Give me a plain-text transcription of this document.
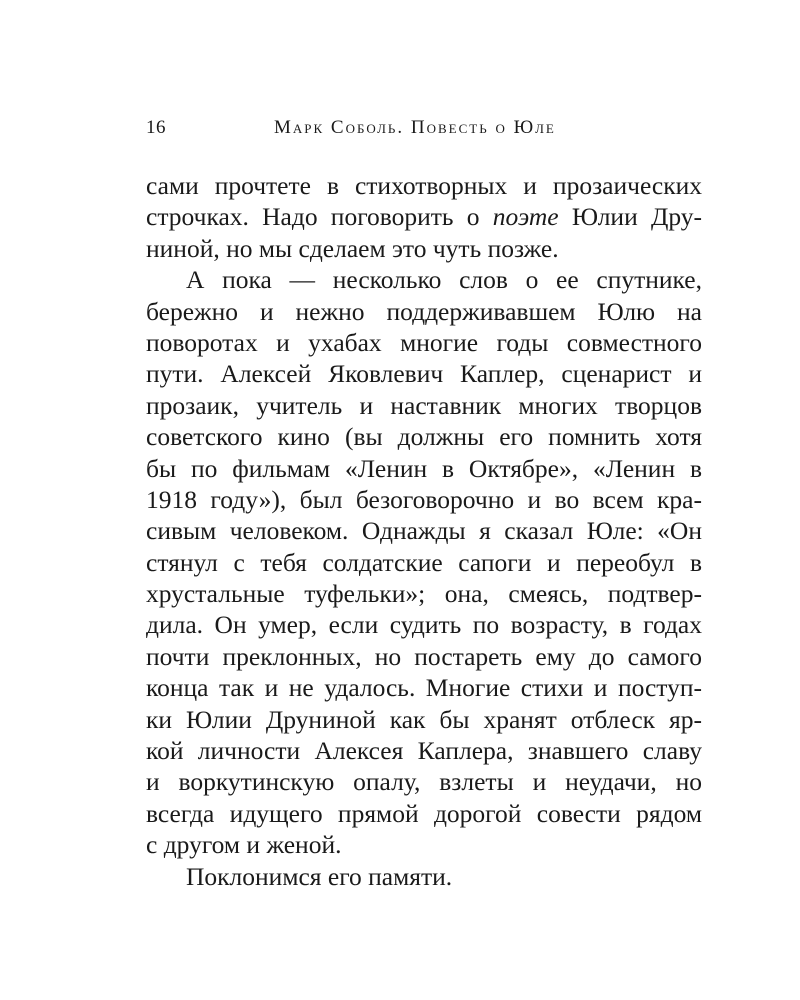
16	Марк Соболь. Повесть о Юле
сами прочтете в стихотворных и прозаических
строчках. Надо поговорить о поэте Юлии Дру-
ниной, но мы сделаем это чуть позже.
А пока — несколько слов о ее спутнике,
бережно и нежно поддерживавшем Юлю на
поворотах и ухабах многие годы совместного
пути. Алексей Яковлевич Каплер, сценарист и
прозаик, учитель и наставник многих творцов
советского кино (вы должны его помнить хотя
бы по фильмам «Ленин в Октябре», «Ленин в
1918 году»), был безоговорочно и во всем кра-
сивым человеком. Однажды я сказал Юле: «Он
стянул с тебя солдатские сапоги и переобул в
хрустальные туфельки»; она, смеясь, подтвер-
дила. Он умер, если судить по возрасту, в годах
почти преклонных, но постареть ему до самого
конца так и не удалось. Многие стихи и поступ-
ки Юлии Друниной как бы хранят отблеск яр-
кой личности Алексея Каплера, знавшего славу
и воркутинскую опалу, взлеты и неудачи, но
всегда идущего прямой дорогой совести рядом
с другом и женой.
Поклонимся его памяти.
